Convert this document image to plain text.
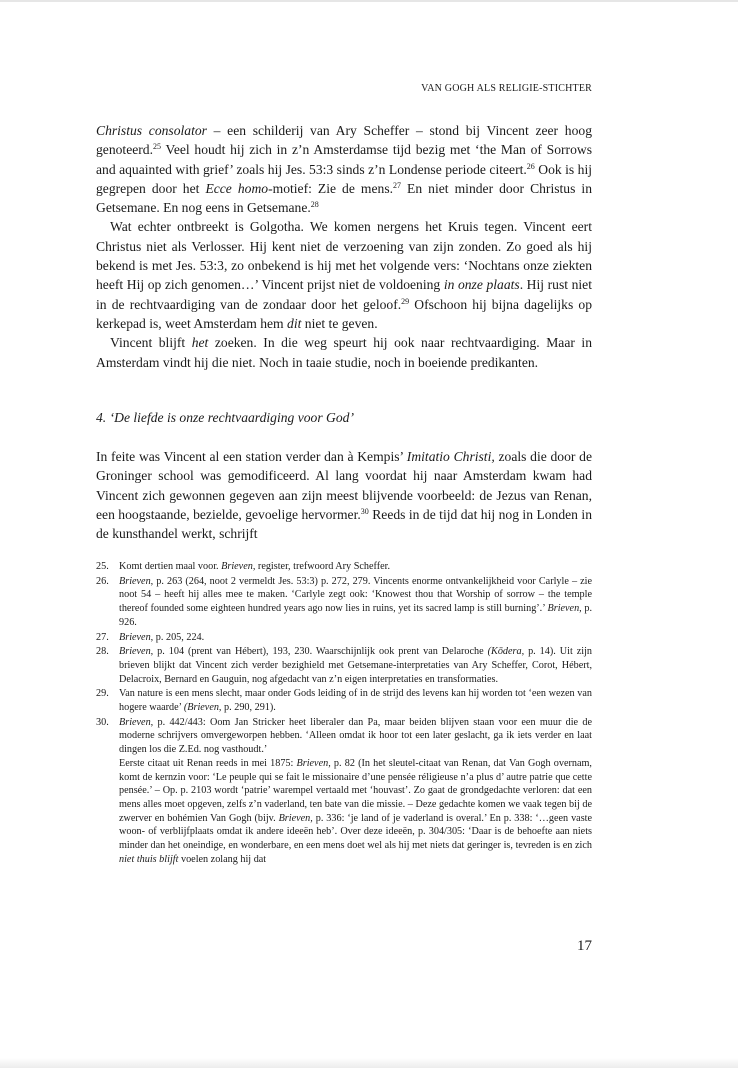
VAN GOGH ALS RELIGIE-STICHTER

Christus consolator – een schilderij van Ary Scheffer – stond bij Vincent zeer hoog genoteerd.$^{25}$ Veel houdt hij zich in z’n Amsterdamse tijd bezig met ‘the Man of Sorrows and aquainted with grief’ zoals hij Jes. 53:3 sinds z’n Londense periode citeert.$^{26}$ Ook is hij gegrepen door het Ecce homo-motief: Zie de mens.$^{27}$ En niet minder door Christus in Getsemane. En nog eens in Getsemane.$^{28}$

Wat echter ontbreekt is Golgotha. We komen nergens het Kruis tegen. Vincent eert Christus niet als Verlosser. Hij kent niet de verzoening van zijn zonden. Zo goed als hij bekend is met Jes. 53:3, zo onbekend is hij met het volgende vers: ‘Nochtans onze ziekten heeft Hij op zich genomen…’ Vincent prijst niet de voldoening in onze plaats. Hij rust niet in de rechtvaardiging van de zondaar door het geloof.$^{29}$ Ofschoon hij bijna dagelijks op kerkepad is, weet Amsterdam hem dit niet te geven.

Vincent blijft het zoeken. In die weg speurt hij ook naar rechtvaardiging. Maar in Amsterdam vindt hij die niet. Noch in taaie studie, noch in boeiende predikanten.

4. ‘De liefde is onze rechtvaardiging voor God’
In feite was Vincent al een station verder dan à Kempis’ Imitatio Christi, zoals die door de Groninger school was gemodificeerd. Al lang voordat hij naar Amsterdam kwam had Vincent zich gewonnen gegeven aan zijn meest blijvende voorbeeld: de Jezus van Renan, een hoogstaande, bezielde, gevoelige hervormer.$^{30}$ Reeds in de tijd dat hij nog in Londen in de kunsthandel werkt, schrijft
25.	Komt dertien maal voor. Brieven, register, trefwoord Ary Scheffer.
26.	Brieven, p. 263 (264, noot 2 vermeldt Jes. 53:3) p. 272, 279. Vincents enorme ontvankelijkheid voor Carlyle – zie noot 54 – heeft hij alles mee te maken. ‘Carlyle zegt ook: ‘Knowest thou that Worship of sorrow – the temple thereof founded some eighteen hundred years ago now lies in ruins, yet its sacred lamp is still burning’.’ Brieven, p. 926.
27.	Brieven, p. 205, 224.
28.	Brieven, p. 104 (prent van Hébert), 193, 230. Waarschijnlijk ook prent van Delaroche (Kōdera, p. 14). Uit zijn brieven blijkt dat Vincent zich verder bezighield met Getsemane-interpretaties van Ary Scheffer, Corot, Hébert, Delacroix, Bernard en Gauguin, nog afgedacht van z’n eigen interpretaties en transformaties.
29.	Van nature is een mens slecht, maar onder Gods leiding of in de strijd des levens kan hij worden tot ‘een wezen van hogere waarde’ (Brieven, p. 290, 291).
30.	Brieven, p. 442/443: Oom Jan Stricker heet liberaler dan Pa, maar beiden blijven staan voor een muur die de moderne schrijvers omvergeworpen hebben. ‘Alleen omdat ik hoor tot een later geslacht, ga ik iets verder en laat dingen los die Z.Ed. nog vasthoudt.’

Eerste citaat uit Renan reeds in mei 1875: Brieven, p. 82 (In het sleutel-citaat van Renan, dat Van Gogh overnam, komt de kernzin voor: ‘Le peuple qui se fait le missionaire d’une pensée réligieuse n’a plus d’ autre patrie que cette pensée.’ – Op. p. 2103 wordt ‘patrie’ warempel vertaald met ‘houvast’. Zo gaat de grondgedachte verloren: dat een mens alles moet opgeven, zelfs z’n vaderland, ten bate van die missie. – Deze gedachte komen we vaak tegen bij de zwerver en bohémien Van Gogh (bijv. Brieven, p. 336: ‘je land of je vaderland is overal.’ En p. 338: ‘…geen vaste woon- of verblijfplaats omdat ik andere ideeën heb’. Over deze ideeën, p. 304/305: ‘Daar is de behoefte aan niets minder dan het oneindige, en wonderbare, en een mens doet wel als hij met niets dat geringer is, tevreden is en zich niet thuis blijft voelen zolang hij dat

17
